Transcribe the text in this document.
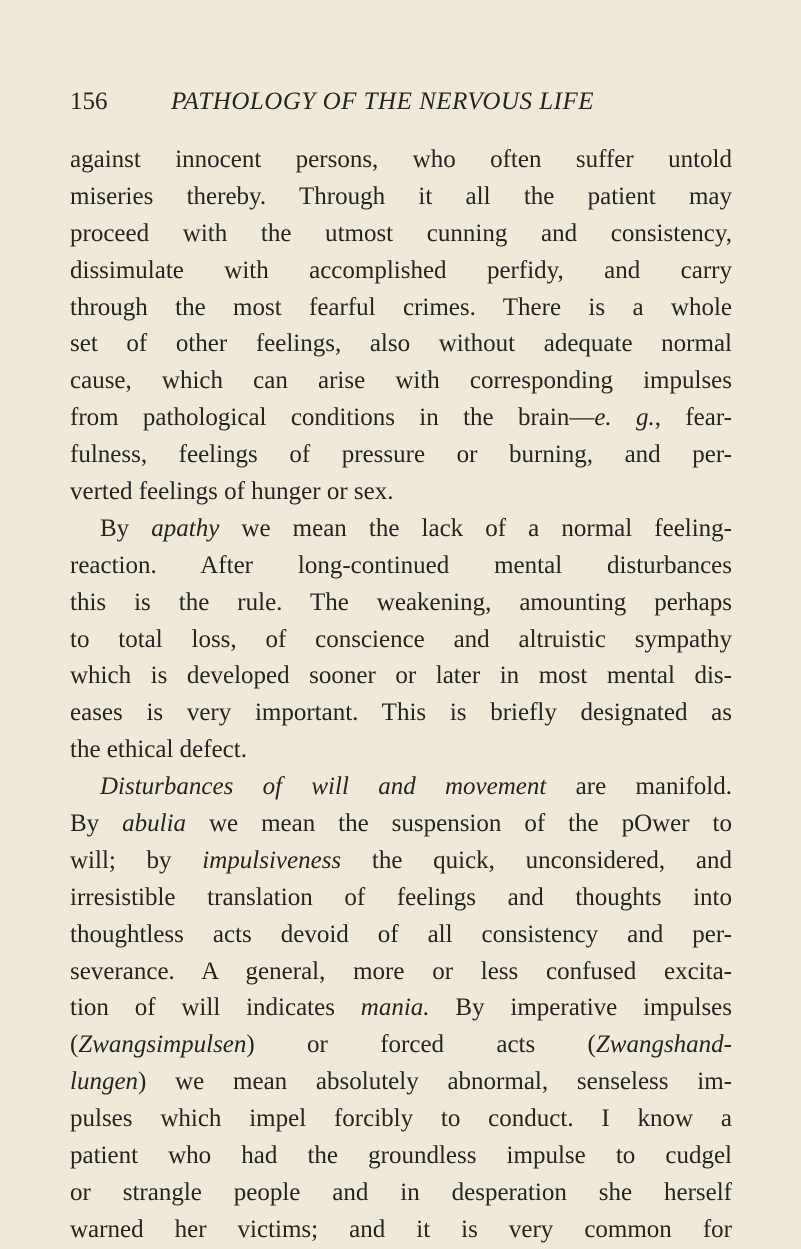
156	PATHOLOGY OF THE NERVOUS LIFE
against innocent persons, who often suffer untold
miseries thereby. Through it all the patient may
proceed with the utmost cunning and consistency,
dissimulate with accomplished perfidy, and carry
through the most fearful crimes. There is a whole
set of other feelings, also without adequate normal
cause, which can arise with corresponding impulses
from pathological conditions in the brain—e. g., fear-
fulness, feelings of pressure or burning, and per-
verted feelings of hunger or sex.
By apathy we mean the lack of a normal feeling-
reaction. After long-continued mental disturbances
this is the rule. The weakening, amounting perhaps
to total loss, of conscience and altruistic sympathy
which is developed sooner or later in most mental dis-
eases is very important. This is briefly designated as
the ethical defect.
Disturbances of will and movement are manifold.
By abulia we mean the suspension of the pOwer to
will; by impulsiveness the quick, unconsidered, and
irresistible translation of feelings and thoughts into
thoughtless acts devoid of all consistency and per-
severance. A general, more or less confused excita-
tion of will indicates mania. By imperative impulses
(Zwangsimpulsen) or forced acts (Zwangshand-
lungen) we mean absolutely abnormal, senseless im-
pulses which impel forcibly to conduct. I know a
patient who had the groundless impulse to cudgel
or strangle people and in desperation she herself
warned her victims; and it is very common for
